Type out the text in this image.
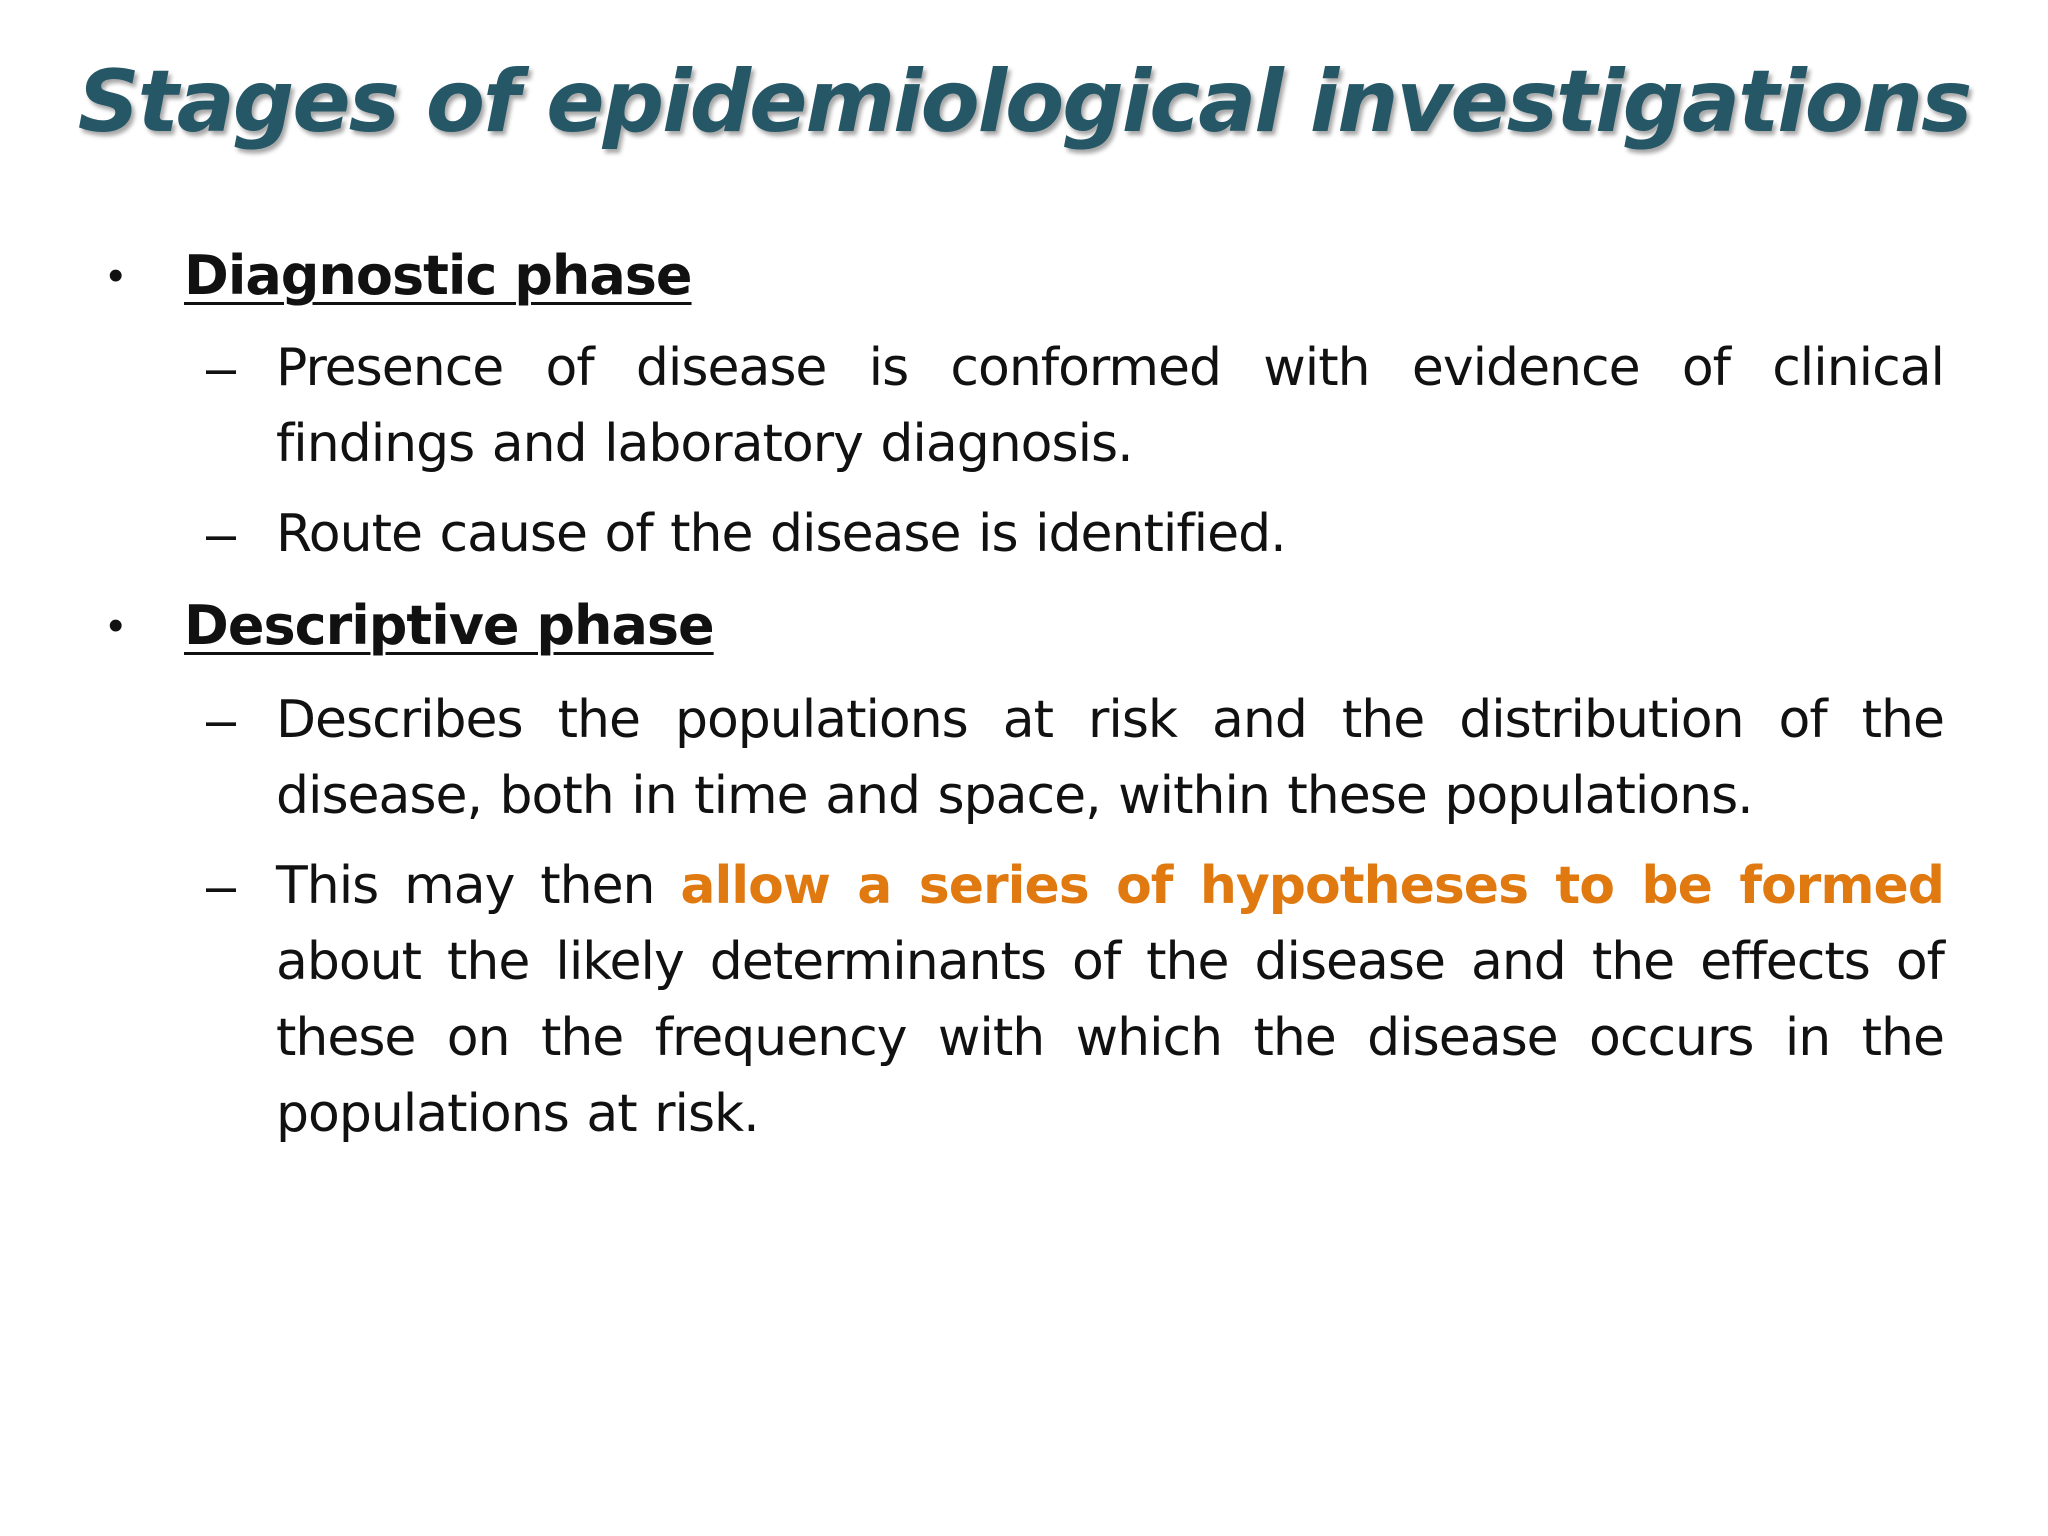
Stages of epidemiological investigations
• Diagnostic phase
– Presence of disease is conformed with evidence of clinical findings and laboratory diagnosis.
– Route cause of the disease is identified.
• Descriptive phase
– Describes the populations at risk and the distribution of the disease, both in time and space, within these populations.
– This may then allow a series of hypotheses to be formed about the likely determinants of the disease and the effects of these on the frequency with which the disease occurs in the populations at risk.
